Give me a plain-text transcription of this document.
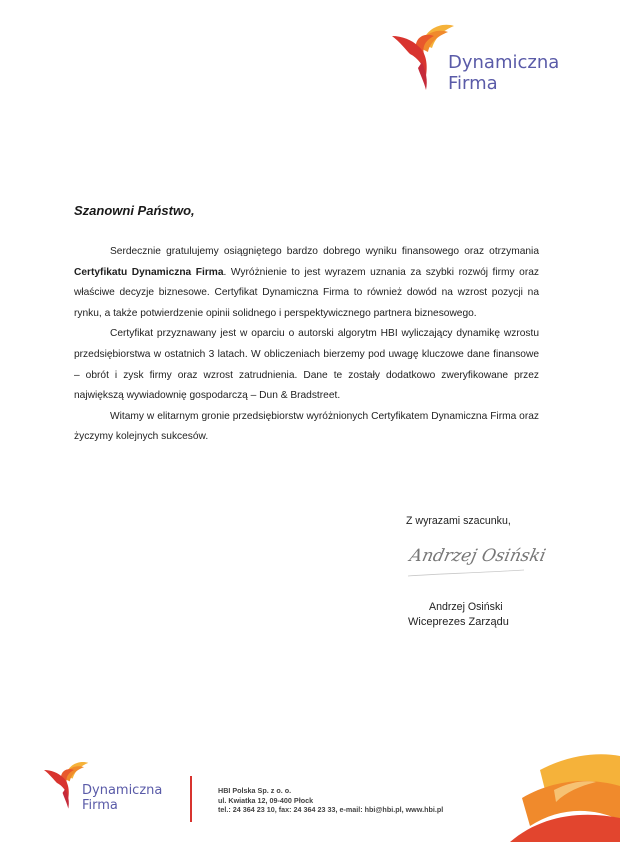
Dynamiczna
Firma
Szanowni Państwo,

Serdecznie gratulujemy osiągniętego bardzo dobrego wyniku finansowego oraz otrzymania Certyfikatu Dynamiczna Firma. Wyróżnienie to jest wyrazem uznania za szybki rozwój firmy oraz właściwe decyzje biznesowe. Certyfikat Dynamiczna Firma to również dowód na wzrost pozycji na rynku, a także potwierdzenie opinii solidnego i perspektywicznego partnera biznesowego.

Certyfikat przyznawany jest w oparciu o autorski algorytm HBI wyliczający dynamikę wzrostu przedsiębiorstwa w ostatnich 3 latach. W obliczeniach bierzemy pod uwagę kluczowe dane finansowe – obrót i zysk firmy oraz wzrost zatrudnienia. Dane te zostały dodatkowo zweryfikowane przez największą wywiadownię gospodarczą – Dun & Bradstreet.

Witamy w elitarnym gronie przedsiębiorstw wyróżnionych Certyfikatem Dynamiczna Firma oraz życzymy kolejnych sukcesów.

Z wyrazami szacunku,
Andrzej Osiński
Andrzej Osiński
Wiceprezes Zarządu
Dynamiczna
Firma
HBI Polska Sp. z o. o.
ul. Kwiatka 12, 09-400 Płock
tel.: 24 364 23 10, fax: 24 364 23 33, e-mail: hbi@hbi.pl, www.hbi.pl
